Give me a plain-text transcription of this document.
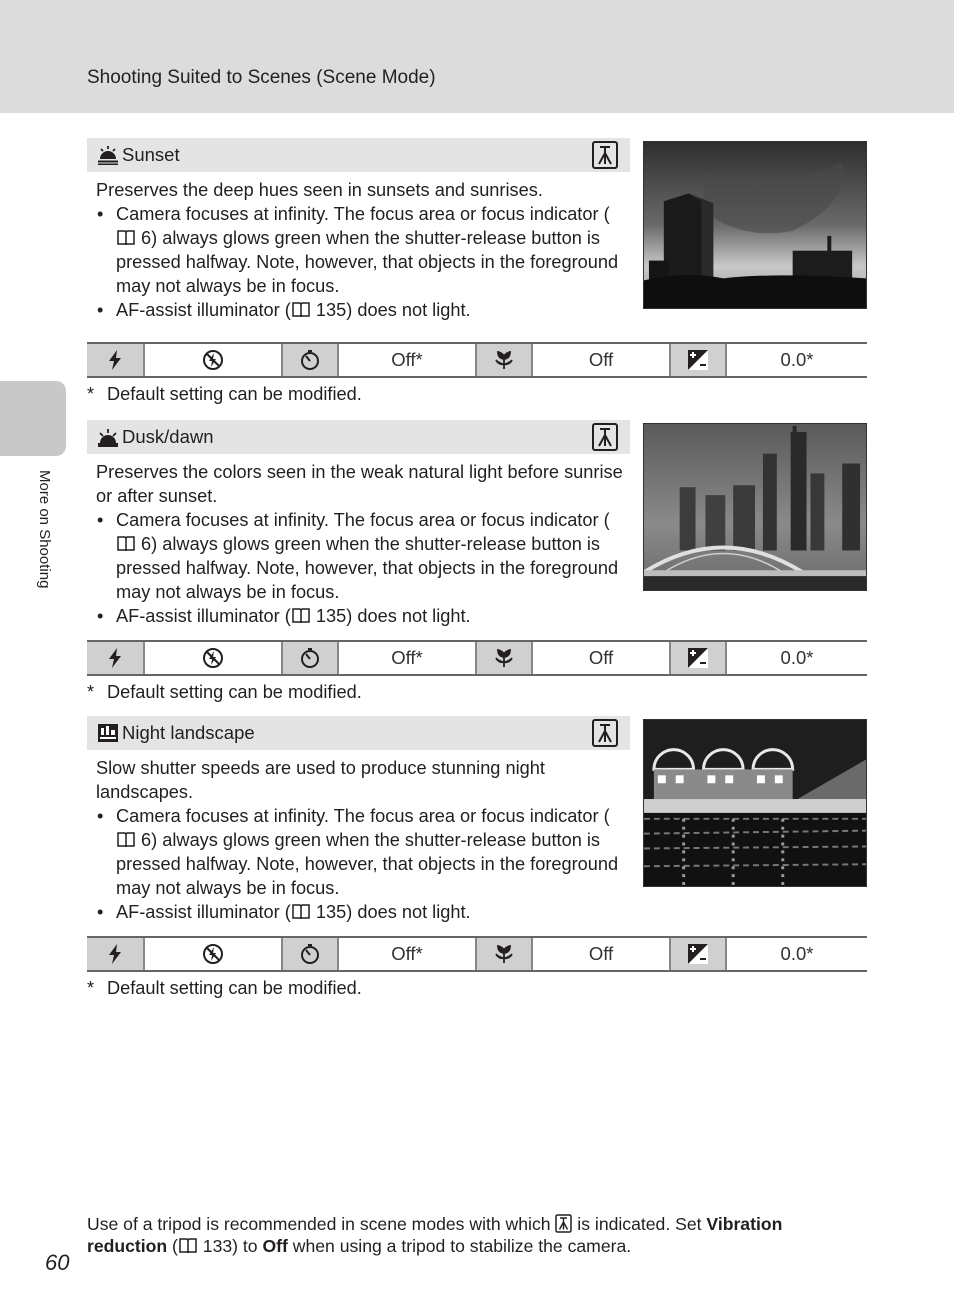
Shooting Suited to Scenes (Scene Mode)
More on Shooting
Sunset

Preserves the deep hues seen in sunsets and sunrises.

• Camera focuses at infinity. The focus area or focus indicator ( 6) always glows green when the shutter-release button is pressed halfway. Note, however, that objects in the foreground may not always be in focus.
• AF-assist illuminator ( 135) does not light.
Off*	Off	0.0*
* Default setting can be modified.
Dusk/dawn

Preserves the colors seen in the weak natural light before sunrise or after sunset.

• Camera focuses at infinity. The focus area or focus indicator ( 6) always glows green when the shutter-release button is pressed halfway. Note, however, that objects in the foreground may not always be in focus.
• AF-assist illuminator ( 135) does not light.
Off*	Off	0.0*
* Default setting can be modified.
Night landscape

Slow shutter speeds are used to produce stunning night landscapes.

• Camera focuses at infinity. The focus area or focus indicator ( 6) always glows green when the shutter-release button is pressed halfway. Note, however, that objects in the foreground may not always be in focus.
• AF-assist illuminator ( 135) does not light.
Off*	Off	0.0*
* Default setting can be modified.
Use of a tripod is recommended in scene modes with which  is indicated. Set Vibration reduction ( 133) to Off when using a tripod to stabilize the camera.
60
